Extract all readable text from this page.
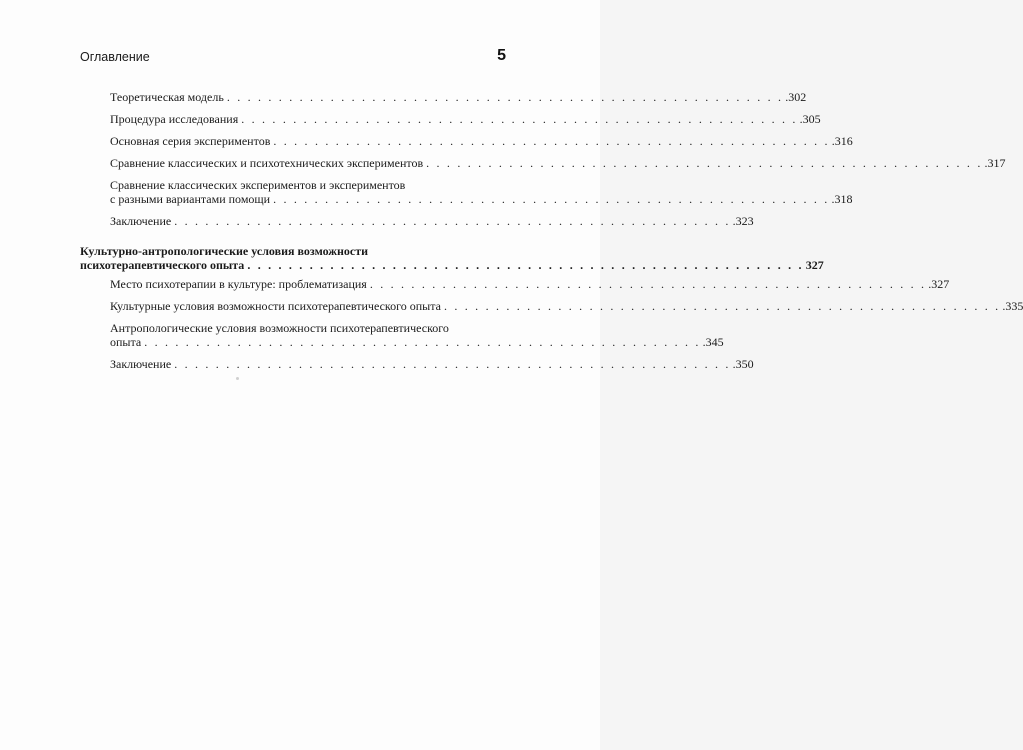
Оглавление	5
Теоретическая модель . . . . . . . . . . . . . . . . . . . . . . . . . . . . . . . . . . . . . . . . . . . . . . . . . . . . . . .302
Процедура исследования . . . . . . . . . . . . . . . . . . . . . . . . . . . . . . . . . . . . . . . . . . . . . . . . . . . . . . .305
Основная серия экспериментов . . . . . . . . . . . . . . . . . . . . . . . . . . . . . . . . . . . . . . . . . . . . . . . . . . . . . . .316
Сравнение классических и психотехнических экспериментов . . . . . . . . . . . . . . . . . . . . . . . . . . . . . . . . . . . . . . . . . . . . . . . . . . . . . . .317
Сравнение классических экспериментов и экспериментов
с разными вариантами помощи . . . . . . . . . . . . . . . . . . . . . . . . . . . . . . . . . . . . . . . . . . . . . . . . . . . . . . .318
Заключение . . . . . . . . . . . . . . . . . . . . . . . . . . . . . . . . . . . . . . . . . . . . . . . . . . . . . . .323
Культурно-антропологические условия возможности
психотерапевтического опыта . . . . . . . . . . . . . . . . . . . . . . . . . . . . . . . . . . . . . . . . . . . . . . . . . . . . . . 327
Место психотерапии в культуре: проблематизация . . . . . . . . . . . . . . . . . . . . . . . . . . . . . . . . . . . . . . . . . . . . . . . . . . . . . . .327
Культурные условия возможности психотерапевтического опыта . . . . . . . . . . . . . . . . . . . . . . . . . . . . . . . . . . . . . . . . . . . . . . . . . . . . . . .335
Антропологические условия возможности психотерапевтического
опыта . . . . . . . . . . . . . . . . . . . . . . . . . . . . . . . . . . . . . . . . . . . . . . . . . . . . . . .345
Заключение . . . . . . . . . . . . . . . . . . . . . . . . . . . . . . . . . . . . . . . . . . . . . . . . . . . . . . .350
